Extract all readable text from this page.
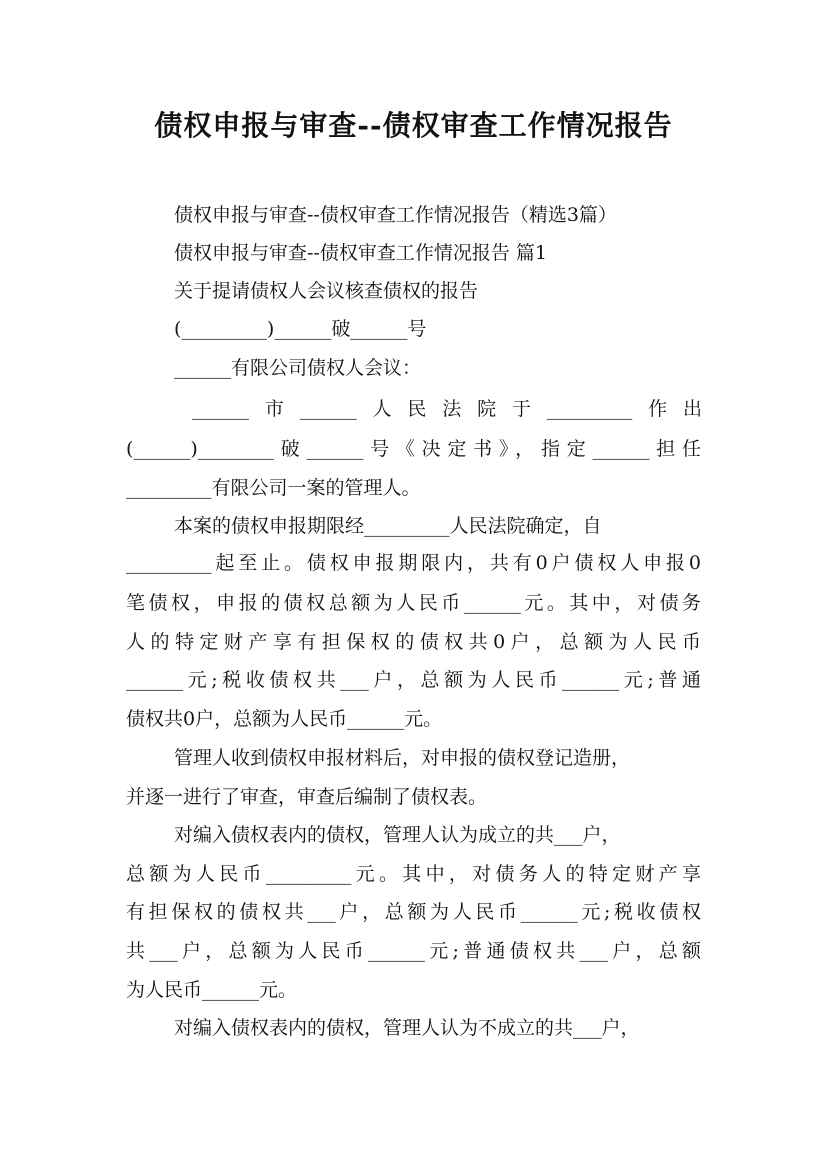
债权申报与审查--债权审查工作情况报告
债权申报与审查--债权审查工作情况报告（精选3篇）
债权申报与审查--债权审查工作情况报告 篇1
关于提请债权人会议核查债权的报告
(_________)______破______号
______有限公司债权人会议：
______市______人民法院于_________作出
(______)________破______号《决定书》，指定______担任
_________有限公司一案的管理人。
本案的债权申报期限经_________人民法院确定，自
_________起至止。债权申报期限内，共有0户债权人申报0
笔债权，申报的债权总额为人民币______元。其中，对债务
人的特定财产享有担保权的债权共0户，总额为人民币
______元;税收债权共___户，总额为人民币______元;普通
债权共0户，总额为人民币______元。
管理人收到债权申报材料后，对申报的债权登记造册，
并逐一进行了审查，审查后编制了债权表。
对编入债权表内的债权，管理人认为成立的共___户，
总额为人民币_________元。其中，对债务人的特定财产享
有担保权的债权共___户，总额为人民币______元;税收债权
共___户，总额为人民币______元;普通债权共___户，总额
为人民币______元。
对编入债权表内的债权，管理人认为不成立的共___户，
